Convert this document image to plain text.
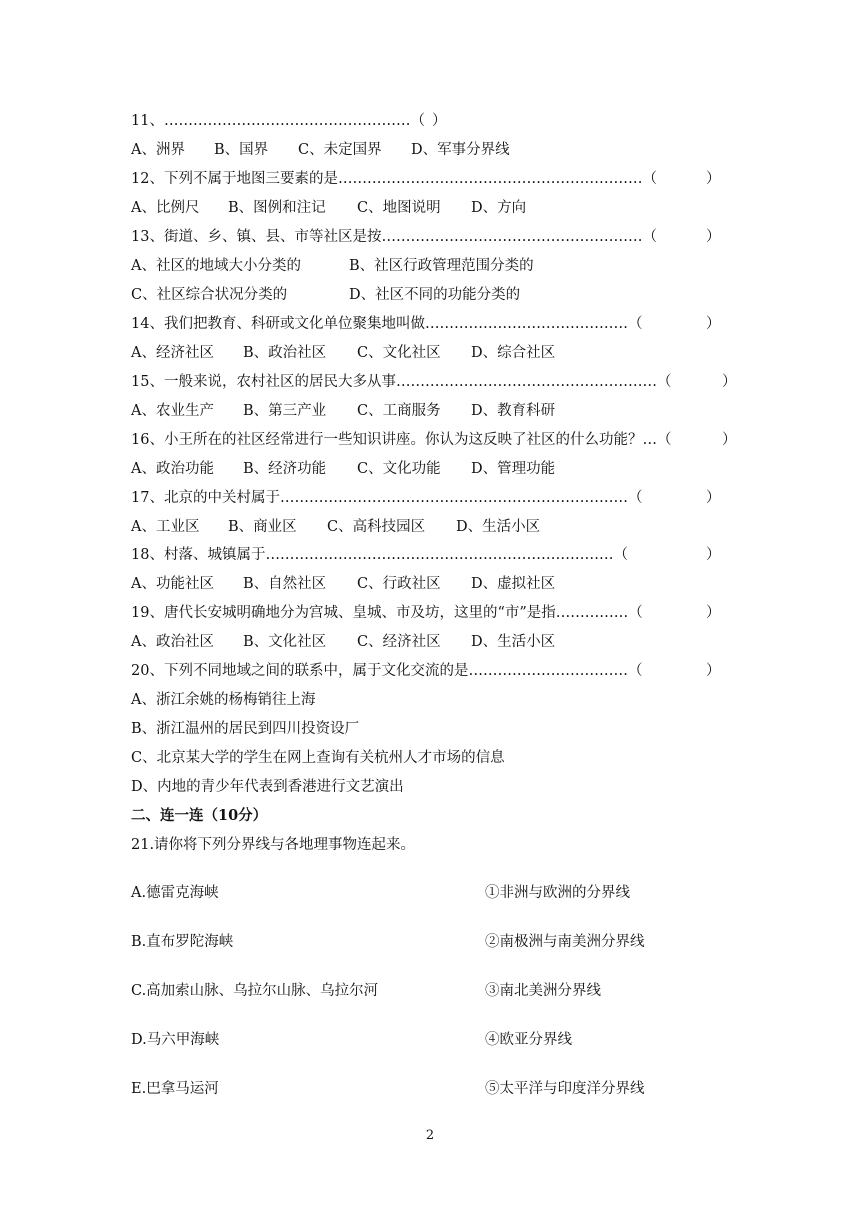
11、……………………………………………（ ）
A、洲界 B、国界 C、未定国界 D、军事分界线
12、下列不属于地图三要素的是………………………………………………………（	）
A、比例尺 B、图例和注记 C、地图说明 D、方向
13、街道、乡、镇、县、市等社区是按………………………………………………（	）
A、社区的地域大小分类的	B、社区行政管理范围分类的
C、社区综合状况分类的	D、社区不同的功能分类的
14、我们把教育、科研或文化单位聚集地叫做……………………………………（	）
A、经济社区 B、政治社区 C、文化社区 D、综合社区
15、一般来说，农村社区的居民大多从事………………………………………………（	）
A、农业生产 B、第三产业 C、工商服务 D、教育科研
16、小王所在的社区经常进行一些知识讲座。你认为这反映了社区的什么功能？…（	）
A、政治功能 B、经济功能 C、文化功能 D、管理功能
17、北京的中关村属于………………………………………………………………（	）
A、工业区 B、商业区 C、高科技园区 D、生活小区
18、村落、城镇属于………………………………………………………………（	）
A、功能社区 B、自然社区 C、行政社区 D、虚拟社区
19、唐代长安城明确地分为宫城、皇城、市及坊，这里的“市”是指……………（	）
A、政治社区 B、文化社区 C、经济社区 D、生活小区
20、下列不同地域之间的联系中，属于文化交流的是……………………………（	）
A、浙江余姚的杨梅销往上海
B、浙江温州的居民到四川投资设厂
C、北京某大学的学生在网上查询有关杭州人才市场的信息
D、内地的青少年代表到香港进行文艺演出
二、连一连（10分）
21.请你将下列分界线与各地理事物连起来。
A.德雷克海峡	①非洲与欧洲的分界线
B.直布罗陀海峡	②南极洲与南美洲分界线
C.高加索山脉、乌拉尔山脉、乌拉尔河	③南北美洲分界线
D.马六甲海峡	④欧亚分界线
E.巴拿马运河	⑤太平洋与印度洋分界线
2
